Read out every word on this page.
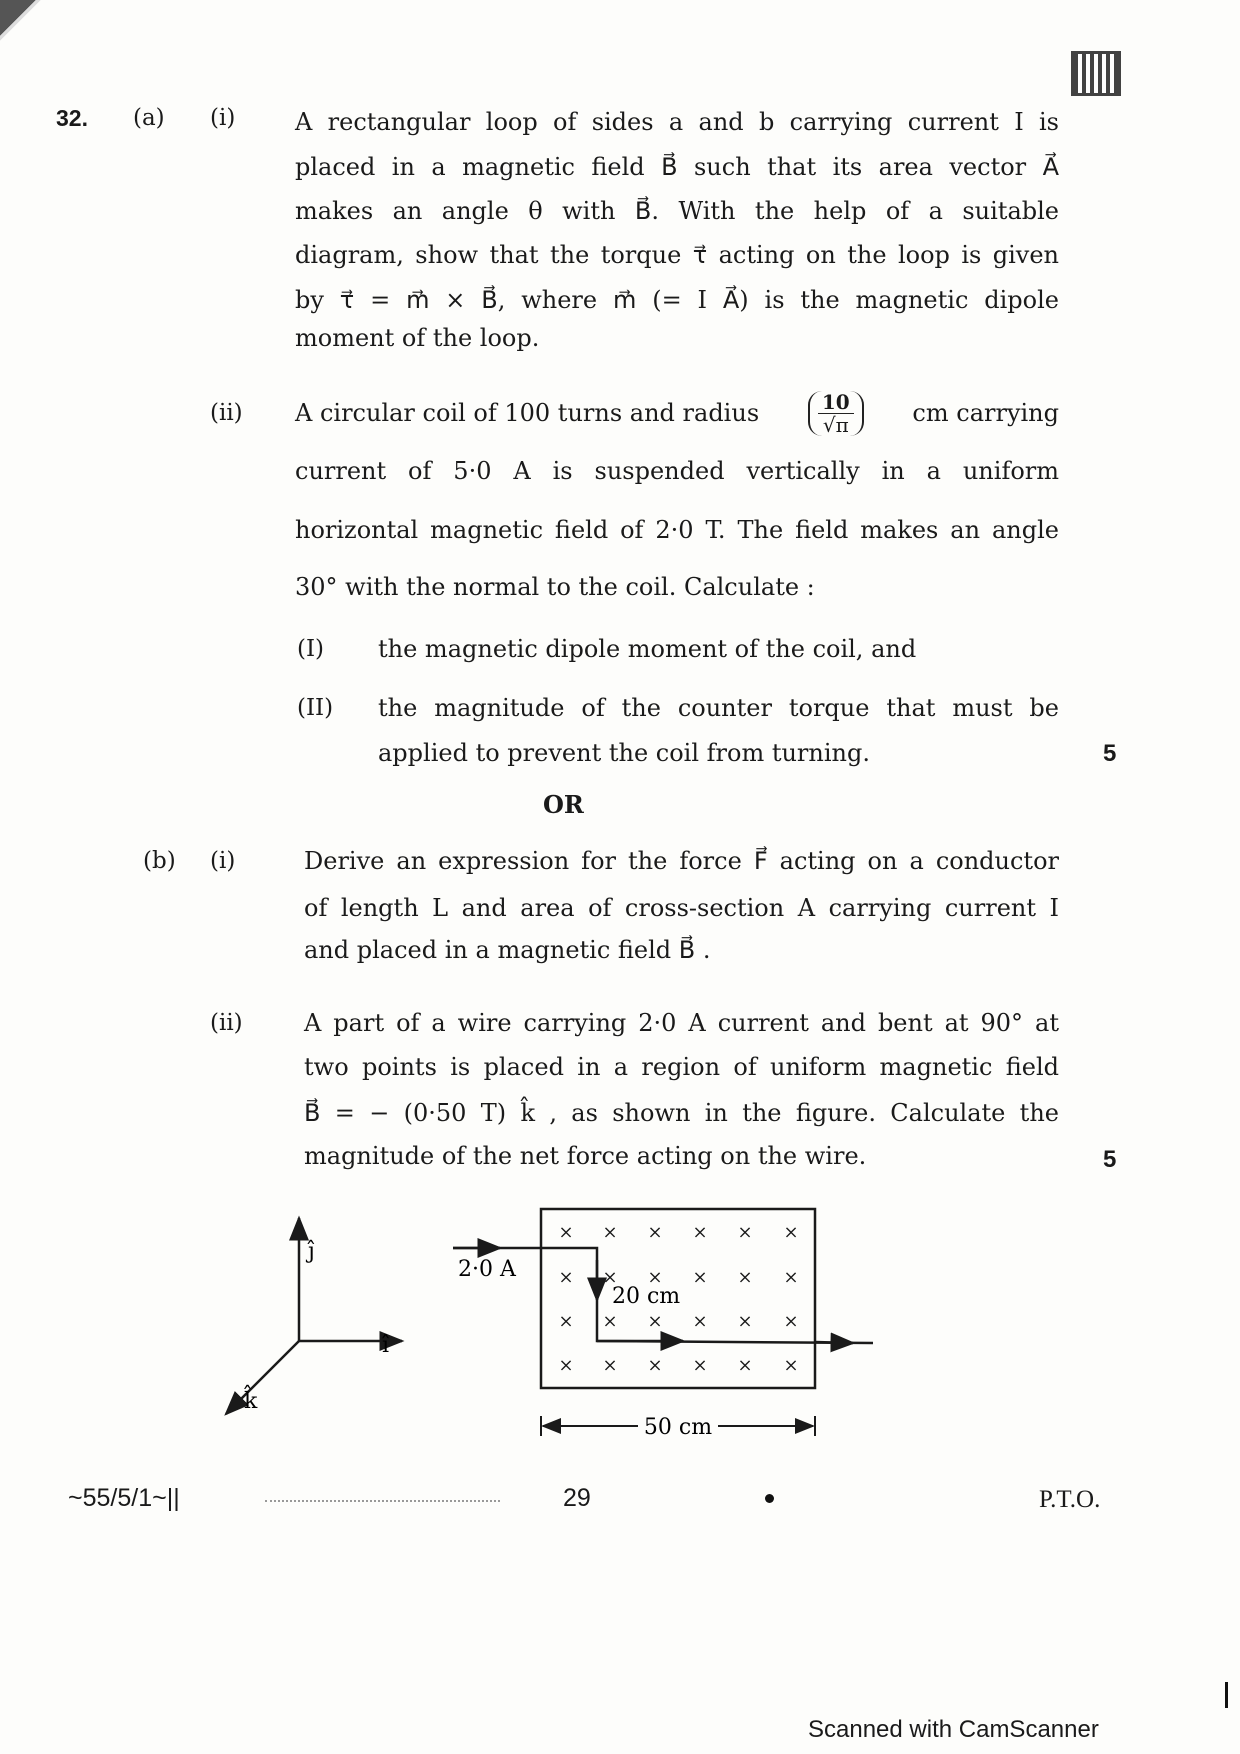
32. (a) (i) A rectangular loop of sides a and b carrying current I is
placed in a magnetic field B⃗ such that its area vector A⃗
makes an angle θ with B⃗. With the help of a suitable
diagram, show that the torque τ⃗ acting on the loop is given
by τ⃗ = m⃗ × B⃗, where m⃗ (= I A⃗) is the magnetic dipole
moment of the loop.
(ii) A circular coil of 100 turns and radius $\frac{10}{√\pi}$ cm carrying
current of 5·0 A is suspended vertically in a uniform
horizontal magnetic field of 2·0 T. The field makes an angle
30° with the normal to the coil. Calculate :
(I) the magnetic dipole moment of the coil, and
(II) the magnitude of the counter torque that must be
applied to prevent the coil from turning.	5
OR
(b) (i)	Derive an expression for the force F⃗ acting on a conductor
of length L and area of cross-section A carrying current I
and placed in a magnetic field B⃗ .
(ii)	A part of a wire carrying 2·0 A current and bent at 90° at
two points is placed in a region of uniform magnetic field
B⃗ = − (0·50 T) k̂ , as shown in the figure. Calculate the
magnitude of the net force acting on the wire.	5
ĵ
î
k̂
× × × × × ×
× × × × × ×
× × × × × ×
× × × × × ×
2·0 A
20 cm
50 cm
~55/5/1~||	29	P.T.O.
Scanned with CamScanner
